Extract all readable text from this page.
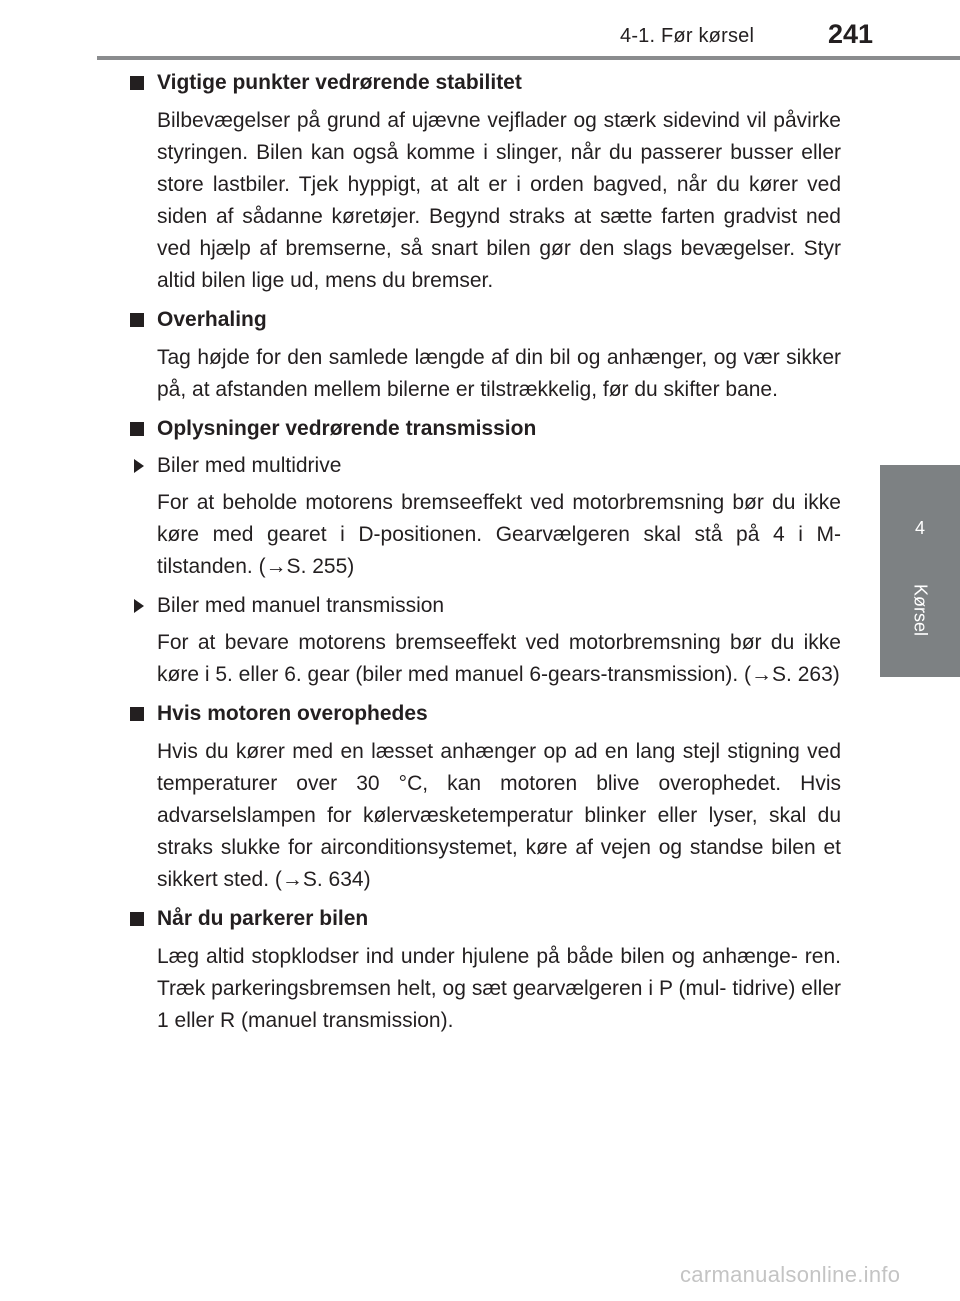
4-1. Før kørsel	241
4
Kørsel
Vigtige punkter vedrørende stabilitet

Bilbevægelser på grund af ujævne vejflader og stærk sidevind vil påvirke styringen. Bilen kan også komme i slinger, når du passerer busser eller store lastbiler. Tjek hyppigt, at alt er i orden bagved, når du kører ved siden af sådanne køretøjer. Begynd straks at sætte farten gradvist ned ved hjælp af bremserne, så snart bilen gør den slags bevægelser. Styr altid bilen lige ud, mens du bremser.

Overhaling

Tag højde for den samlede længde af din bil og anhænger, og vær sikker på, at afstanden mellem bilerne er tilstrækkelig, før du skifter bane.

Oplysninger vedrørende transmission
Biler med multidrive

For at beholde motorens bremseeffekt ved motorbremsning bør du ikke køre med gearet i D-positionen. Gearvælgeren skal stå på 4 i M-tilstanden. (→S. 255)

Biler med manuel transmission

For at bevare motorens bremseeffekt ved motorbremsning bør du ikke køre i 5. eller 6. gear (biler med manuel 6-gears-transmission). (→S. 263)

Hvis motoren overophedes

Hvis du kører med en læsset anhænger op ad en lang stejl stigning ved temperaturer over 30 °C, kan motoren blive overophedet. Hvis advarselslampen for kølervæsketemperatur blinker eller lyser, skal du straks slukke for airconditionsystemet, køre af vejen og standse bilen et sikkert sted. (→S. 634)

Når du parkerer bilen

Læg altid stopklodser ind under hjulene på både bilen og anhænge- ren. Træk parkeringsbremsen helt, og sæt gearvælgeren i P (mul- tidrive) eller 1 eller R (manuel transmission).

carmanualsonline.info
